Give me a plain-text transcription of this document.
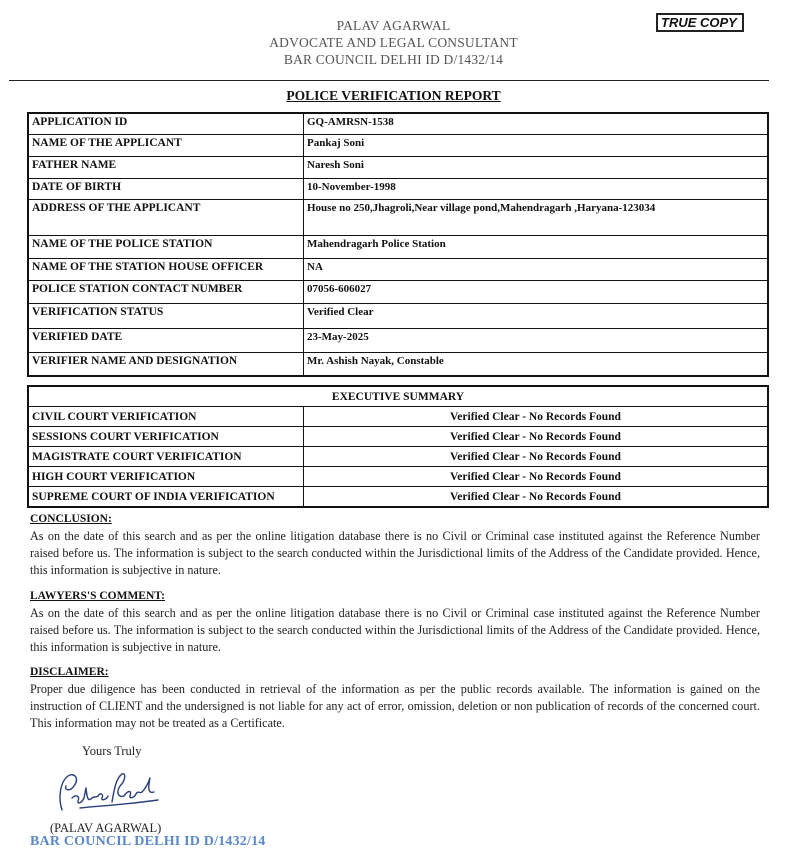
TRUE COPY
PALAV AGARWAL
ADVOCATE AND LEGAL CONSULTANT
BAR COUNCIL DELHI ID D/1432/14
POLICE VERIFICATION REPORT
APPLICATION ID	GQ-AMRSN-1538
NAME OF THE APPLICANT	Pankaj Soni
FATHER NAME	Naresh Soni
DATE OF BIRTH	10-November-1998
ADDRESS OF THE APPLICANT	House no 250,Jhagroli,Near village pond,Mahendragarh ,Haryana-123034
NAME OF THE POLICE STATION	Mahendragarh Police Station
NAME OF THE STATION HOUSE OFFICER	NA
POLICE STATION CONTACT NUMBER	07056-606027
VERIFICATION STATUS	Verified Clear
VERIFIED DATE	23-May-2025
VERIFIER NAME AND DESIGNATION	Mr. Ashish Nayak, Constable
EXECUTIVE SUMMARY	
CIVIL COURT VERIFICATION	Verified Clear - No Records Found
SESSIONS COURT VERIFICATION	Verified Clear - No Records Found
MAGISTRATE COURT VERIFICATION	Verified Clear - No Records Found
HIGH COURT VERIFICATION	Verified Clear - No Records Found
SUPREME COURT OF INDIA VERIFICATION	Verified Clear - No Records Found
CONCLUSION:
As on the date of this search and as per the online litigation database there is no Civil or Criminal case instituted against the Reference Number raised before us. The information is subject to the search conducted within the Jurisdictional limits of the Address of the Candidate provided. Hence, this information is subjective in nature.
LAWYERS'S COMMENT:
As on the date of this search and as per the online litigation database there is no Civil or Criminal case instituted against the Reference Number raised before us. The information is subject to the search conducted within the Jurisdictional limits of the Address of the Candidate provided. Hence, this information is subjective in nature.
DISCLAIMER:
Proper due diligence has been conducted in retrieval of the information as per the public records available. The information is gained on the instruction of CLIENT and the undersigned is not liable for any act of error, omission, deletion or non publication of records of the concerned court. This information may not be treated as a Certificate.
Yours Truly
(PALAV AGARWAL)
BAR COUNCIL DELHI ID D/1432/14
